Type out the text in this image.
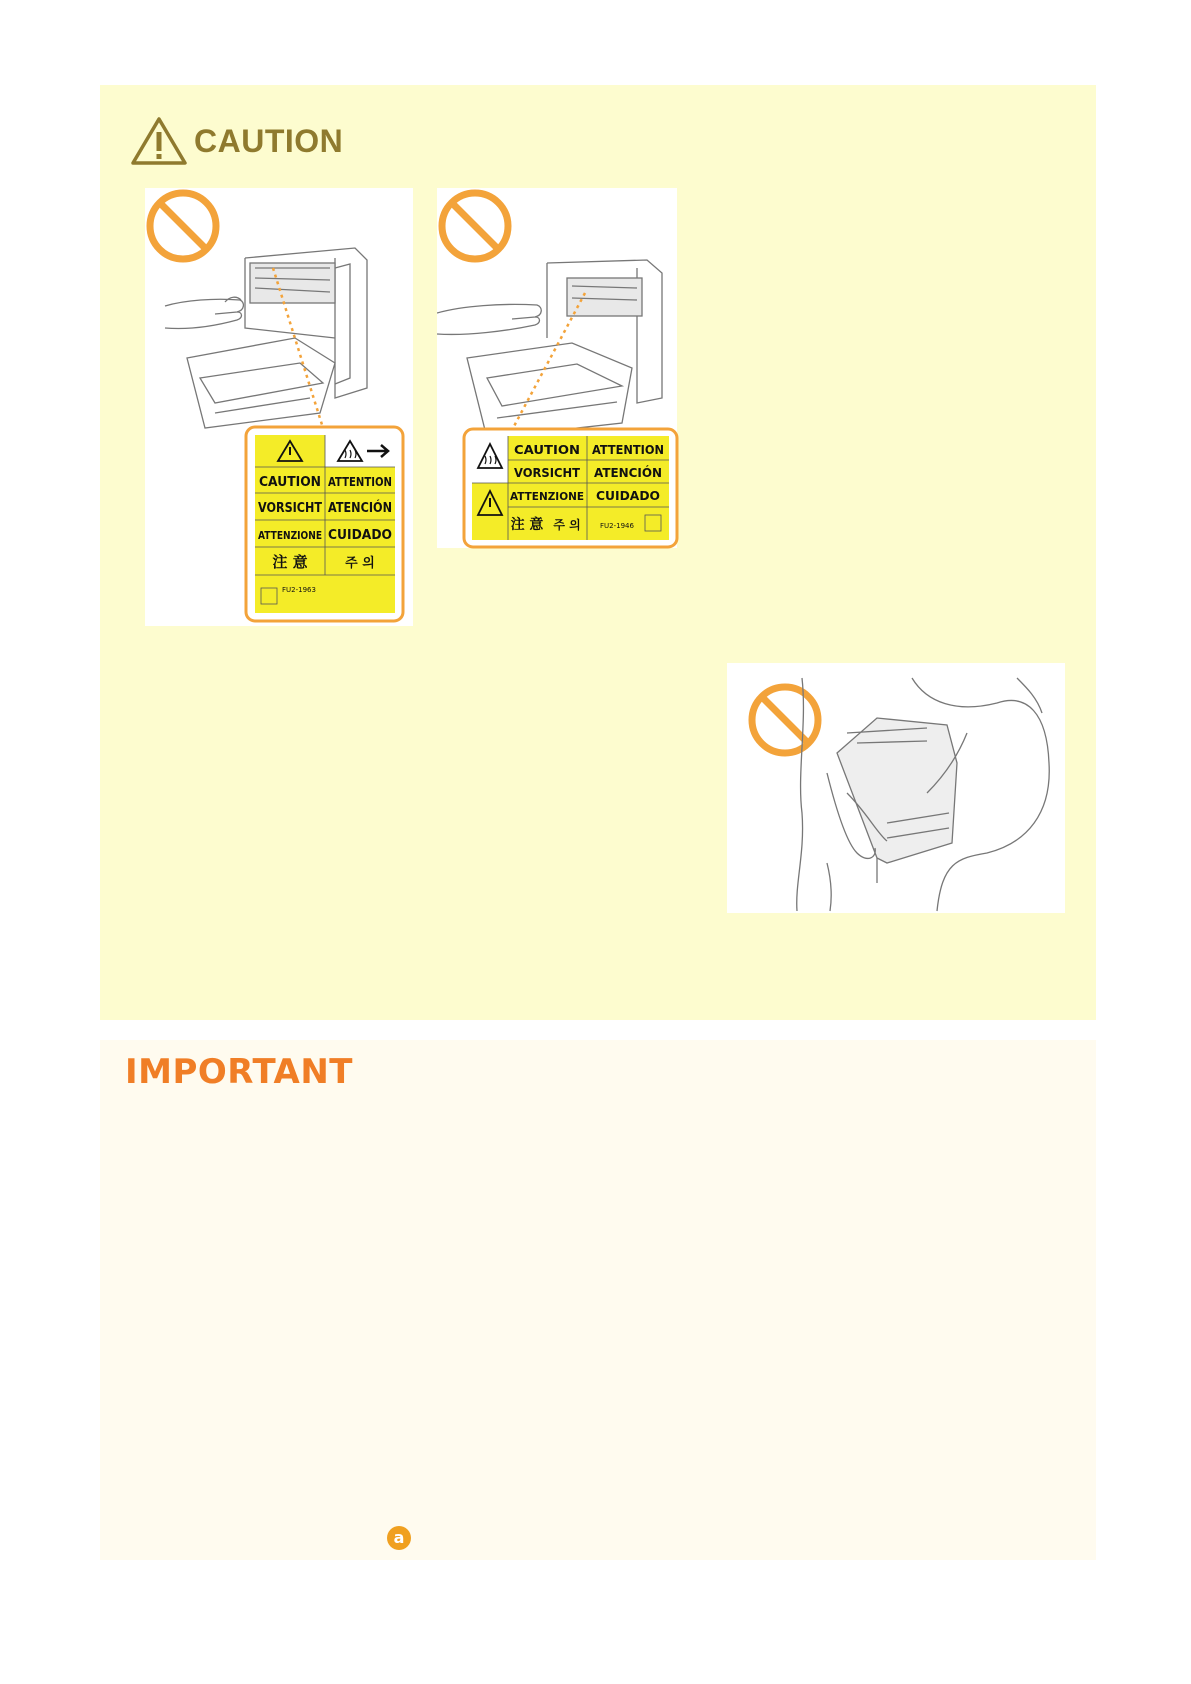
CAUTION
CAUTION ATTENTION
VORSICHT ATENCIÓN
ATTENZIONE CUIDADO
注 意	주 의
FU2-1963
CAUTION ATTENTION
VORSICHT ATENCIÓN
ATTENZIONE CUIDADO
注 意 주 의	FU2-1946
IMPORTANT
a
